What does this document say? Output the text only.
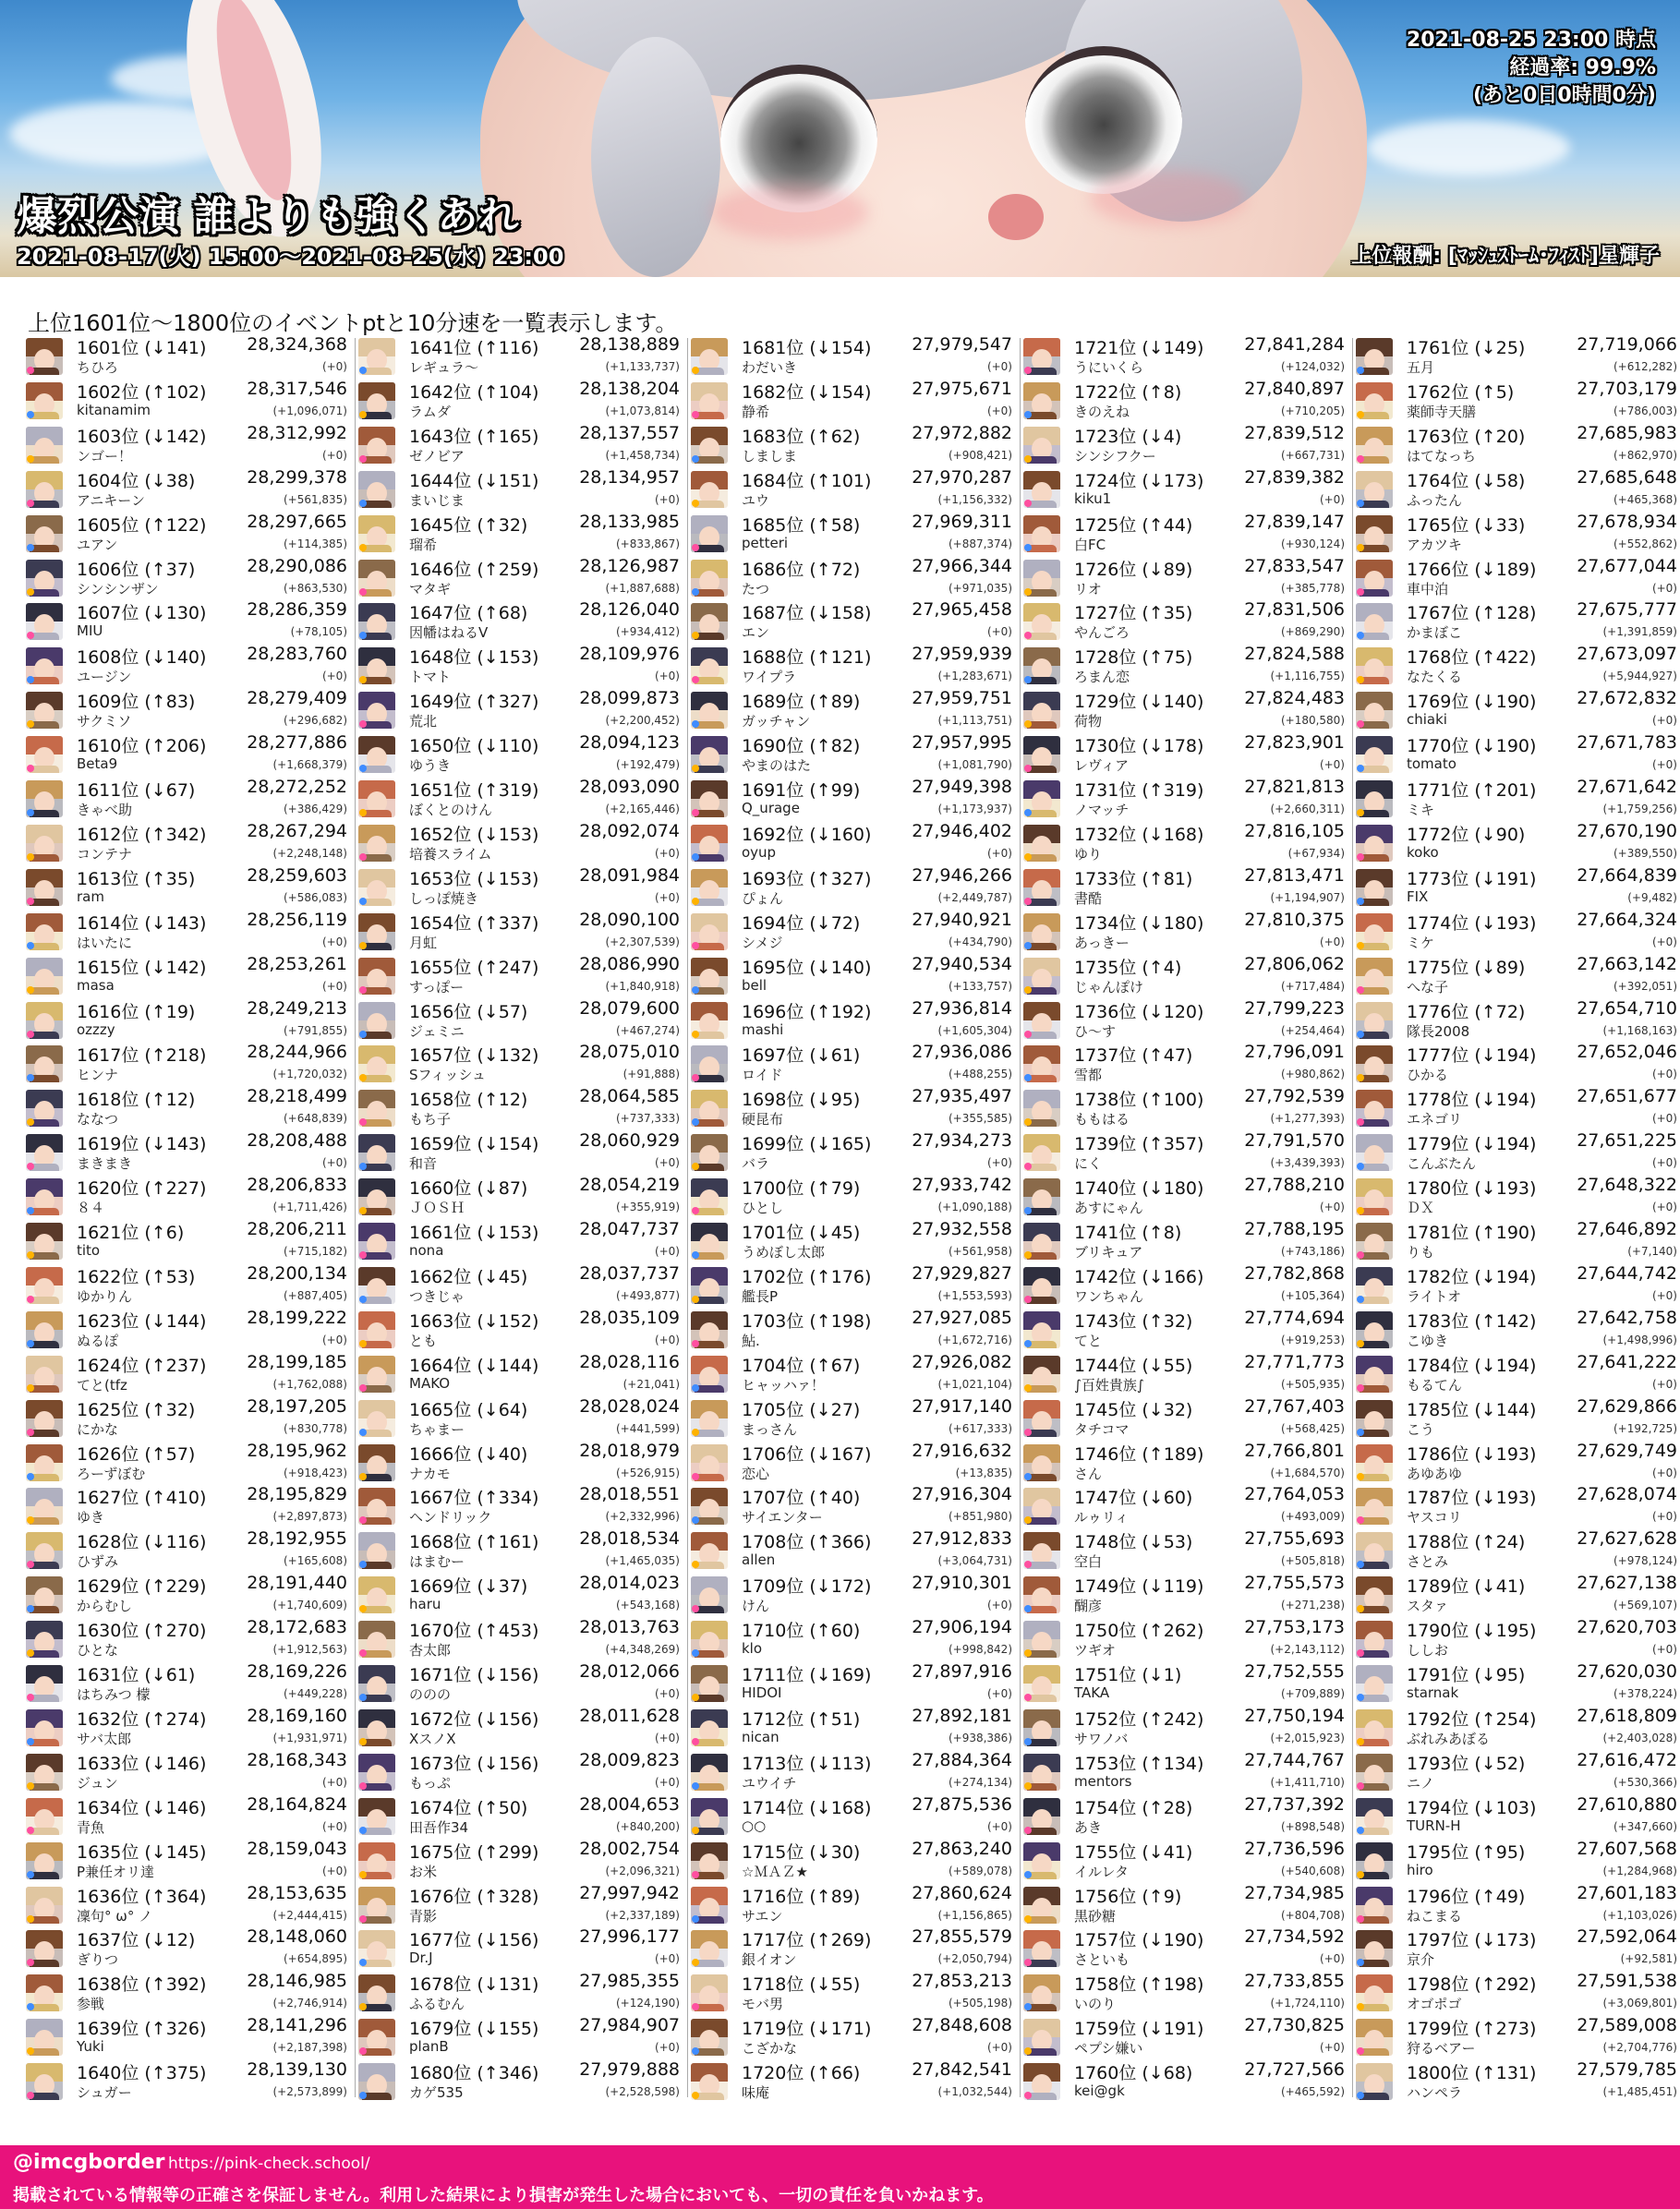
2021-08-25 23:00 時点
経過率: 99.9%
(あと0日0時間0分)
爆烈公演 誰よりも強くあれ
2021-08-17(火) 15:00～2021-08-25(水) 23:00	上位報酬: [ﾏｯｼｭｽﾄｰﾑ･ﾌｨｽﾄ]星輝子
上位1601位～1800位のイベントptと10分速を一覧表示します。
1601位 (↓141) 28,324,368
ちひろ	(+0)
1602位 (↑102) 28,317,546
kitanamim	(+1,096,071)
1603位 (↓142) 28,312,992
ンゴー！	(+0)
1604位 (↓38)	28,299,378
アニキーン	(+561,835)
1605位 (↑122) 28,297,665
ユアン	(+114,385)
1606位 (↑37)	28,290,086
シンシンザン	(+863,530)
1607位 (↓130) 28,286,359
MIU	(+78,105)
1608位 (↓140) 28,283,760
ユージン	(+0)
1609位 (↑83)	28,279,409
サクミソ	(+296,682)
1610位 (↑206) 28,277,886
Beta9	(+1,668,379)
1611位 (↓67)	28,272,252
きゃべ助	(+386,429)
1612位 (↑342) 28,267,294
コンテナ	(+2,248,148)
1613位 (↑35)	28,259,603
ram	(+586,083)
1614位 (↓143) 28,256,119
はいたに	(+0)
1615位 (↓142) 28,253,261
masa	(+0)
1616位 (↑19)	28,249,213
ozzzy	(+791,855)
1617位 (↑218) 28,244,966
ヒンナ	(+1,720,032)
1618位 (↑12)	28,218,499
ななつ	(+648,839)
1619位 (↓143) 28,208,488
まきまき	(+0)
1620位 (↑227) 28,206,833
８４	(+1,711,426)
1621位 (↑6)	28,206,211
tito	(+715,182)
1622位 (↑53)	28,200,134
ゆかりん	(+887,405)
1623位 (↓144) 28,199,222
ぬるぽ	(+0)
1624位 (↑237) 28,199,185
てと(tfz	(+1,762,088)
1625位 (↑32)	28,197,205
にかな	(+830,778)
1626位 (↑57)	28,195,962
ろーずぼむ	(+918,423)
1627位 (↑410) 28,195,829
ゆき	(+2,897,873)
1628位 (↓116) 28,192,955
ひずみ	(+165,608)
1629位 (↑229) 28,191,440
からむし	(+1,740,609)
1630位 (↑270) 28,172,683
ひとな	(+1,912,563)
1631位 (↓61)	28,169,226
はちみつ 檬	(+449,228)
1632位 (↑274) 28,169,160
サバ太郎	(+1,931,971)
1633位 (↓146) 28,168,343
ジュン	(+0)
1634位 (↓146) 28,164,824
青魚	(+0)
1635位 (↓145) 28,159,043
P兼任オリ達	(+0)
1636位 (↑364) 28,153,635
凜句° ω° ノ	(+2,444,415)
1637位 (↓12)	28,148,060
ぎりつ	(+654,895)
1638位 (↑392) 28,146,985
参戦	(+2,746,914)
1639位 (↑326) 28,141,296
Yuki	(+2,187,398)
1640位 (↑375) 28,139,130
シュガー	(+2,573,899)
1641位 (↑116) 28,138,889
レギュラ～	(+1,133,737)
1642位 (↑104) 28,138,204
ラムダ	(+1,073,814)
1643位 (↑165) 28,137,557
ゼノビア	(+1,458,734)
1644位 (↓151) 28,134,957
まいじま	(+0)
1645位 (↑32)	28,133,985
瑠希	(+833,867)
1646位 (↑259) 28,126,987
マタギ	(+1,887,688)
1647位 (↑68)	28,126,040
因幡はねるV	(+934,412)
1648位 (↓153) 28,109,976
トマト	(+0)
1649位 (↑327) 28,099,873
荒北	(+2,200,452)
1650位 (↓110) 28,094,123
ゆうき	(+192,479)
1651位 (↑319) 28,093,090
ぼくとのけん	(+2,165,446)
1652位 (↓153) 28,092,074
培養スライム	(+0)
1653位 (↓153) 28,091,984
しっぽ焼き	(+0)
1654位 (↑337) 28,090,100
月虹	(+2,307,539)
1655位 (↑247) 28,086,990
すっぽー	(+1,840,918)
1656位 (↓57)	28,079,600
ジェミニ	(+467,274)
1657位 (↓132) 28,075,010
Sフィッシュ	(+91,888)
1658位 (↑12)	28,064,585
もち子	(+737,333)
1659位 (↓154) 28,060,929
和音	(+0)
1660位 (↓87)	28,054,219
ＪＯＳＨ	(+355,919)
1661位 (↓153) 28,047,737
nona	(+0)
1662位 (↓45)	28,037,737
つきじゃ	(+493,877)
1663位 (↓152) 28,035,109
とも	(+0)
1664位 (↓144) 28,028,116
MAKO	(+21,041)
1665位 (↓64)	28,028,024
ちゃまー	(+441,599)
1666位 (↓40)	28,018,979
ナカモ	(+526,915)
1667位 (↑334) 28,018,551
ヘンドリック	(+2,332,996)
1668位 (↑161) 28,018,534
はまむー	(+1,465,035)
1669位 (↓37)	28,014,023
haru	(+543,168)
1670位 (↑453) 28,013,763
杏太郎	(+4,348,269)
1671位 (↓156) 28,012,066
ののの	(+0)
1672位 (↓156) 28,011,628
XスノX	(+0)
1673位 (↓156) 28,009,823
もっぷ	(+0)
1674位 (↑50)	28,004,653
田吾作34	(+840,200)
1675位 (↑299) 28,002,754
お米	(+2,096,321)
1676位 (↑328) 27,997,942
青影	(+2,337,189)
1677位 (↓156) 27,996,177
Dr.J	(+0)
1678位 (↓131) 27,985,355
ふるむん	(+124,190)
1679位 (↓155) 27,984,907
planB	(+0)
1680位 (↑346) 27,979,888
カゲ535	(+2,528,598)
1681位 (↓154) 27,979,547
わだいき	(+0)
1682位 (↓154) 27,975,671
静希	(+0)
1683位 (↑62)	27,972,882
しましま	(+908,421)
1684位 (↑101) 27,970,287
ユウ	(+1,156,332)
1685位 (↑58)	27,969,311
petteri	(+887,374)
1686位 (↑72)	27,966,344
たつ	(+971,035)
1687位 (↓158) 27,965,458
エン	(+0)
1688位 (↑121) 27,959,939
ワイプラ	(+1,283,671)
1689位 (↑89)	27,959,751
ガッチャン	(+1,113,751)
1690位 (↑82)	27,957,995
やまのはた	(+1,081,790)
1691位 (↑99)	27,949,398
Q_urage	(+1,173,937)
1692位 (↓160) 27,946,402
oyup	(+0)
1693位 (↑327) 27,946,266
ぴょん	(+2,449,787)
1694位 (↓72)	27,940,921
シメジ	(+434,790)
1695位 (↓140) 27,940,534
bell	(+133,757)
1696位 (↑192) 27,936,814
mashi	(+1,605,304)
1697位 (↓61)	27,936,086
ロイド	(+488,255)
1698位 (↓95)	27,935,497
硬昆布	(+355,585)
1699位 (↓165) 27,934,273
バラ	(+0)
1700位 (↑79)	27,933,742
ひとし	(+1,090,188)
1701位 (↓45)	27,932,558
うめぼし太郎	(+561,958)
1702位 (↑176) 27,929,827
艦長P	(+1,553,593)
1703位 (↑198) 27,927,085
鮎.	(+1,672,716)
1704位 (↑67)	27,926,082
ヒャッハァ！	(+1,021,104)
1705位 (↓27)	27,917,140
まっさん	(+617,333)
1706位 (↓167) 27,916,632
恋心	(+13,835)
1707位 (↑40)	27,916,304
サイエンター	(+851,980)
1708位 (↑366) 27,912,833
allen	(+3,064,731)
1709位 (↓172) 27,910,301
けん	(+0)
1710位 (↑60)	27,906,194
klo	(+998,842)
1711位 (↓169) 27,897,916
HIDOI	(+0)
1712位 (↑51)	27,892,181
nican	(+938,386)
1713位 (↓113) 27,884,364
ユウイチ	(+274,134)
1714位 (↓168) 27,875,536
○○	(+0)
1715位 (↓30)	27,863,240
☆ＭＡＺ★	(+589,078)
1716位 (↑89)	27,860,624
サエン	(+1,156,865)
1717位 (↑269) 27,855,579
銀イオン	(+2,050,794)
1718位 (↓55)	27,853,213
モバ男	(+505,198)
1719位 (↓171) 27,848,608
こざかな	(+0)
1720位 (↑66)	27,842,541
味庵	(+1,032,544)
1721位 (↓149) 27,841,284
うにいくら	(+124,032)
1722位 (↑8)	27,840,897
きのえね	(+710,205)
1723位 (↓4)	27,839,512
シンシフクー	(+667,731)
1724位 (↓173) 27,839,382
kiku1	(+0)
1725位 (↑44)	27,839,147
白FC	(+930,124)
1726位 (↓89)	27,833,547
リオ	(+385,778)
1727位 (↑35)	27,831,506
やんごろ	(+869,290)
1728位 (↑75)	27,824,588
ろまん恋	(+1,116,755)
1729位 (↓140) 27,824,483
荷物	(+180,580)
1730位 (↓178) 27,823,901
レヴィア	(+0)
1731位 (↑319) 27,821,813
ノマッチ	(+2,660,311)
1732位 (↓168) 27,816,105
ゆり	(+67,934)
1733位 (↑81)	27,813,471
書酷	(+1,194,907)
1734位 (↓180) 27,810,375
あっきー	(+0)
1735位 (↑4)	27,806,062
じゃんぽけ	(+717,484)
1736位 (↓120) 27,799,223
ひ～す	(+254,464)
1737位 (↑47)	27,796,091
雪都	(+980,862)
1738位 (↑100) 27,792,539
ももはる	(+1,277,393)
1739位 (↑357) 27,791,570
にく	(+3,439,393)
1740位 (↓180) 27,788,210
あすにゃん	(+0)
1741位 (↑8)	27,788,195
ブリキュア	(+743,186)
1742位 (↓166) 27,782,868
ワンちゃん	(+105,364)
1743位 (↑32)	27,774,694
てと	(+919,253)
1744位 (↓55)	27,771,773
∫百姓貴族∫	(+505,935)
1745位 (↓32)	27,767,403
タチコマ	(+568,425)
1746位 (↑189) 27,766,801
さん	(+1,684,570)
1747位 (↓60)	27,764,053
ルゥリィ	(+493,009)
1748位 (↓53)	27,755,693
空白	(+505,818)
1749位 (↓119) 27,755,573
醐彦	(+271,238)
1750位 (↑262) 27,753,173
ツギオ	(+2,143,112)
1751位 (↓1)	27,752,555
TAKA	(+709,889)
1752位 (↑242) 27,750,194
サワノバ	(+2,015,923)
1753位 (↑134) 27,744,767
mentors	(+1,411,710)
1754位 (↑28)	27,737,392
あき	(+898,548)
1755位 (↓41)	27,736,596
イルレタ	(+540,608)
1756位 (↑9)	27,734,985
黒砂糖	(+804,708)
1757位 (↓190) 27,734,592
さといも	(+0)
1758位 (↑198) 27,733,855
いのり	(+1,724,110)
1759位 (↓191) 27,730,825
ペプシ嫌い	(+0)
1760位 (↓68)	27,727,566
kei@gk	(+465,592)
1761位 (↓25)	27,719,066
五月	(+612,282)
1762位 (↑5)	27,703,179
薬師寺天膳	(+786,003)
1763位 (↑20)	27,685,983
はてなっち	(+862,970)
1764位 (↓58)	27,685,648
ふったん	(+465,368)
1765位 (↓33)	27,678,934
アカツキ	(+552,862)
1766位 (↓189) 27,677,044
車中泊	(+0)
1767位 (↑128) 27,675,777
かまぼこ	(+1,391,859)
1768位 (↑422) 27,673,097
なたくる	(+5,944,927)
1769位 (↓190) 27,672,832
chiaki	(+0)
1770位 (↓190) 27,671,783
tomato	(+0)
1771位 (↑201) 27,671,642
ミキ	(+1,759,256)
1772位 (↓90)	27,670,190
koko	(+389,550)
1773位 (↓191) 27,664,839
FIX	(+9,482)
1774位 (↓193) 27,664,324
ミケ	(+0)
1775位 (↓89)	27,663,142
へな子	(+392,051)
1776位 (↑72)	27,654,710
隊長2008	(+1,168,163)
1777位 (↓194) 27,652,046
ひかる	(+0)
1778位 (↓194) 27,651,677
エネゴリ	(+0)
1779位 (↓194) 27,651,225
こんぶたん	(+0)
1780位 (↓193) 27,648,322
ＤＸ	(+0)
1781位 (↑190) 27,646,892
りも	(+7,140)
1782位 (↓194) 27,644,742
ライトオ	(+0)
1783位 (↑142) 27,642,758
こゆき	(+1,498,996)
1784位 (↓194) 27,641,222
もるてん	(+0)
1785位 (↓144) 27,629,866
こう	(+192,725)
1786位 (↓193) 27,629,749
あゆあゆ	(+0)
1787位 (↓193) 27,628,074
ヤスコリ	(+0)
1788位 (↑24)	27,627,628
さとみ	(+978,124)
1789位 (↓41)	27,627,138
スタァ	(+569,107)
1790位 (↓195) 27,620,703
ししお	(+0)
1791位 (↓95)	27,620,030
starnak	(+378,224)
1792位 (↑254) 27,618,809
ぶれみあぼる	(+2,403,028)
1793位 (↓52)	27,616,472
ニノ	(+530,366)
1794位 (↓103) 27,610,880
TURN-H	(+347,660)
1795位 (↑95)	27,607,568
hiro	(+1,284,968)
1796位 (↑49)	27,601,183
ねこまる	(+1,103,026)
1797位 (↓173) 27,592,064
京介	(+92,581)
1798位 (↑292) 27,591,538
オゴポゴ	(+3,069,801)
1799位 (↑273) 27,589,008
狩るベアー	(+2,704,776)
1800位 (↑131) 27,579,785
ハンペラ	(+1,485,451)
@imcgborder https://pink-check.school/
掲載されている情報等の正確さを保証しません。利用した結果により損害が発生した場合においても、一切の責任を負いかねます。
